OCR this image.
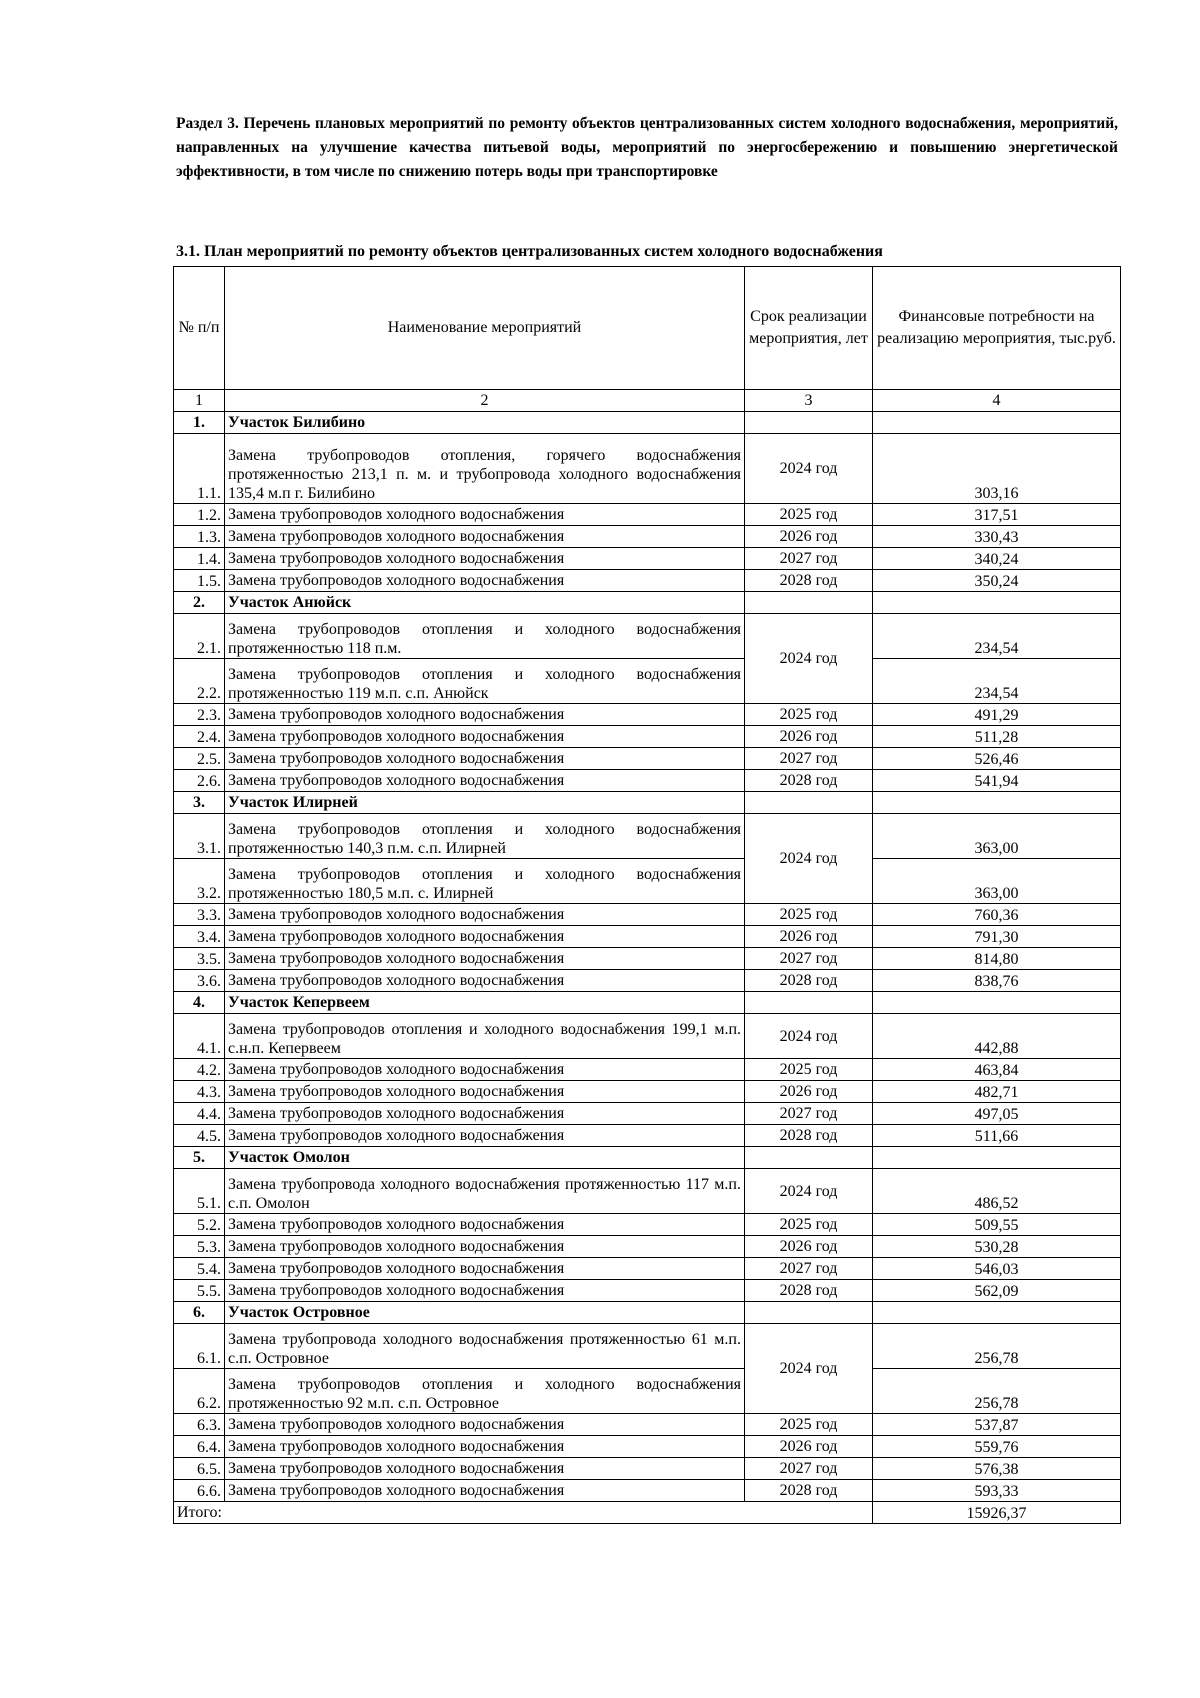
Раздел 3. Перечень плановых мероприятий по ремонту объектов централизованных систем холодного водоснабжения, мероприятий, направленных на улучшение качества питьевой воды, мероприятий по энергосбережению и повышению энергетической эффективности, в том числе по снижению потерь воды при транспортировке
3.1. План мероприятий по ремонту объектов централизованных систем холодного водоснабжения
№ п/п	Наименование мероприятий	Срок реализации мероприятия, лет	Финансовые потребности на реализацию мероприятия, тыс.руб.
1	2	3	4
1.	Участок Билибино		
1.1.	Замена трубопроводов отопления, горячего водоснабжения протяженностью 213,1 п. м. и трубопровода холодного водоснабжения 135,4 м.п г. Билибино	2024 год	303,16
1.2.	Замена трубопроводов холодного водоснабжения	2025 год	317,51
1.3.	Замена трубопроводов холодного водоснабжения	2026 год	330,43
1.4.	Замена трубопроводов холодного водоснабжения	2027 год	340,24
1.5.	Замена трубопроводов холодного водоснабжения	2028 год	350,24
2.	Участок Анюйск		
2.1.	Замена трубопроводов отопления и холодного водоснабжения протяженностью 118 п.м.	2024 год	234,54
2.2.	Замена трубопроводов отопления и холодного водоснабжения протяженностью 119 м.п. с.п. Анюйск		234,54
2.3.	Замена трубопроводов холодного водоснабжения	2025 год	491,29
2.4.	Замена трубопроводов холодного водоснабжения	2026 год	511,28
2.5.	Замена трубопроводов холодного водоснабжения	2027 год	526,46
2.6.	Замена трубопроводов холодного водоснабжения	2028 год	541,94
3.	Участок Илирней		
3.1.	Замена трубопроводов отопления и холодного водоснабжения протяженностью 140,3 п.м. с.п. Илирней	2024 год	363,00
3.2.	Замена трубопроводов отопления и холодного водоснабжения протяженностью 180,5 м.п. с. Илирней		363,00
3.3.	Замена трубопроводов холодного водоснабжения	2025 год	760,36
3.4.	Замена трубопроводов холодного водоснабжения	2026 год	791,30
3.5.	Замена трубопроводов холодного водоснабжения	2027 год	814,80
3.6.	Замена трубопроводов холодного водоснабжения	2028 год	838,76
4.	Участок Кепервеем		
4.1.	Замена трубопроводов отопления и холодного водоснабжения 199,1 м.п. с.н.п. Кепервеем	2024 год	442,88
4.2.	Замена трубопроводов холодного водоснабжения	2025 год	463,84
4.3.	Замена трубопроводов холодного водоснабжения	2026 год	482,71
4.4.	Замена трубопроводов холодного водоснабжения	2027 год	497,05
4.5.	Замена трубопроводов холодного водоснабжения	2028 год	511,66
5.	Участок Омолон		
5.1.	Замена трубопровода холодного водоснабжения протяженностью 117 м.п. с.п. Омолон	2024 год	486,52
5.2.	Замена трубопроводов холодного водоснабжения	2025 год	509,55
5.3.	Замена трубопроводов холодного водоснабжения	2026 год	530,28
5.4.	Замена трубопроводов холодного водоснабжения	2027 год	546,03
5.5.	Замена трубопроводов холодного водоснабжения	2028 год	562,09
6.	Участок Островное		
6.1.	Замена трубопровода холодного водоснабжения протяженностью 61 м.п. с.п. Островное	2024 год	256,78
6.2.	Замена трубопроводов отопления и холодного водоснабжения протяженностью 92 м.п. с.п. Островное		256,78
6.3.	Замена трубопроводов холодного водоснабжения	2025 год	537,87
6.4.	Замена трубопроводов холодного водоснабжения	2026 год	559,76
6.5.	Замена трубопроводов холодного водоснабжения	2027 год	576,38
6.6.	Замена трубопроводов холодного водоснабжения	2028 год	593,33
Итого:			15926,37
